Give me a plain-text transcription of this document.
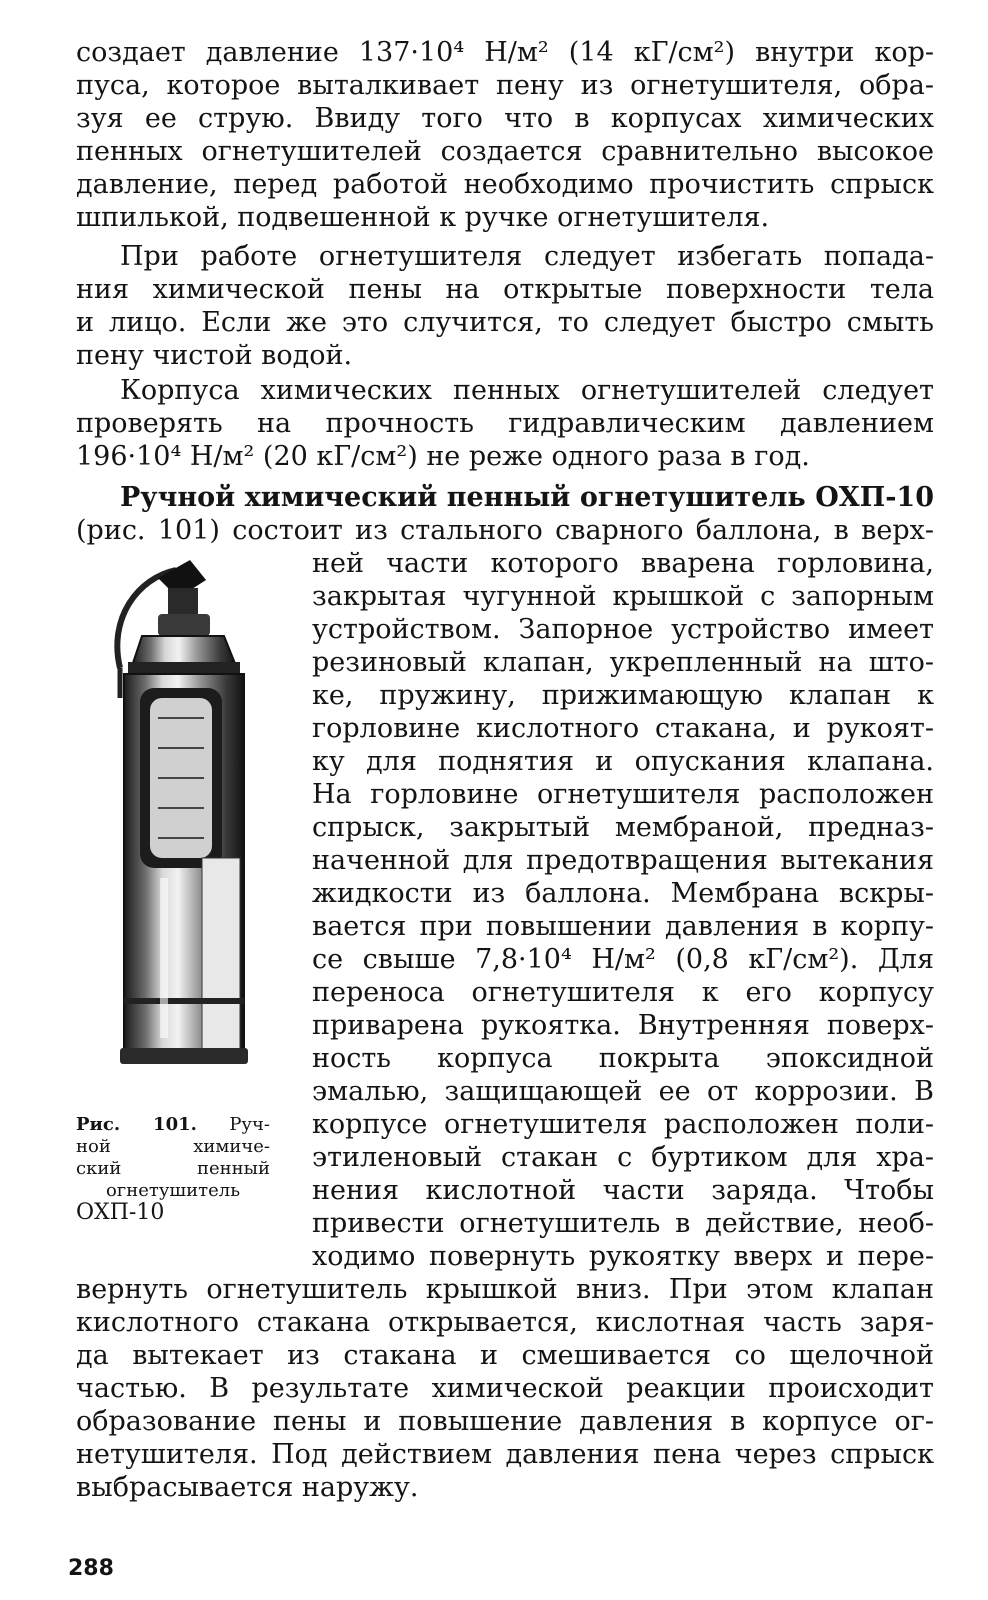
создает давление 137·10⁴ Н/м² (14 кГ/см²) внутри кор-
пуса, которое выталкивает пену из огнетушителя, обра-
зуя ее струю. Ввиду того что в корпусах химических
пенных огнетушителей создается сравнительно высокое
давление, перед работой необходимо прочистить спрыск
шпилькой, подвешенной к ручке огнетушителя.
При работе огнетушителя следует избегать попада-
ния химической пены на открытые поверхности тела
и лицо. Если же это случится, то следует быстро смыть
пену чистой водой.
Корпуса химических пенных огнетушителей следует
проверять на прочность гидравлическим давлением
196·10⁴ Н/м² (20 кГ/см²) не реже одного раза в год.
Ручной химический пенный огнетушитель ОХП-10
(рис. 101) состоит из стального сварного баллона, в верх-
Рис. 101. Руч-
ной химиче-
ский пенный
огнетушитель
ОХП-10
ней части которого вварена горловина,
закрытая чугунной крышкой с запорным
устройством. Запорное устройство имеет
резиновый клапан, укрепленный на што-
ке, пружину, прижимающую клапан к
горловине кислотного стакана, и рукоят-
ку для поднятия и опускания клапана.
На горловине огнетушителя расположен
спрыск, закрытый мембраной, предназ-
наченной для предотвращения вытекания
жидкости из баллона. Мембрана вскры-
вается при повышении давления в корпу-
се свыше 7,8·10⁴ Н/м² (0,8 кГ/см²). Для
переноса огнетушителя к его корпусу
приварена рукоятка. Внутренняя поверх-
ность корпуса покрыта эпоксидной
эмалью, защищающей ее от коррозии. В
корпусе огнетушителя расположен поли-
этиленовый стакан с буртиком для хра-
нения кислотной части заряда. Чтобы
привести огнетушитель в действие, необ-
ходимо повернуть рукоятку вверх и пере-
вернуть огнетушитель крышкой вниз. При этом клапан
кислотного стакана открывается, кислотная часть заря-
да вытекает из стакана и смешивается со щелочной
частью. В результате химической реакции происходит
образование пены и повышение давления в корпусе ог-
нетушителя. Под действием давления пена через спрыск
выбрасывается наружу.
288
